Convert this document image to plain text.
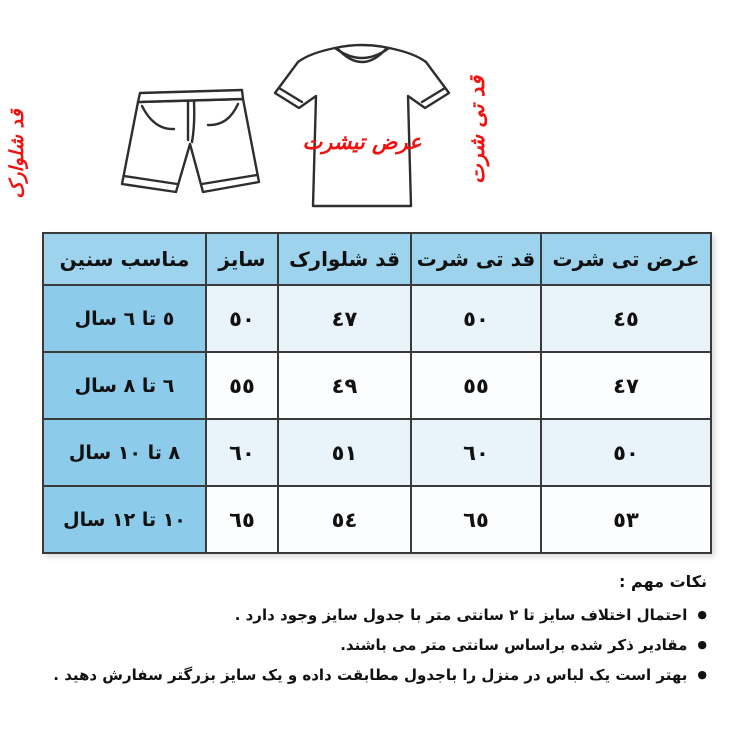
قد شلوارک	عرض تیشرت	قد تی شرت
عرض تی شرت	قد تی شرت	قد شلوارک	سایز	مناسب سنین
٤٥	٥٠	٤٧	٥٠	٥ تا ٦ سال
٤٧	٥٥	٤٩	٥٥	٦ تا ٨ سال
٥٠	٦٠	٥١	٦٠	٨ تا ١٠ سال
٥٣	٦٥	٥٤	٦٥	١٠ تا ١٢ سال
نکات مهم :
●
احتمال اختلاف سایز تا ۲ سانتی متر با جدول سایز وجود دارد .
●
مقادیر ذکر شده براساس سانتی متر می باشند.
●
بهتر است یک لباس در منزل را باجدول مطابقت داده و یک سایز بزرگتر سفارش دهید .
